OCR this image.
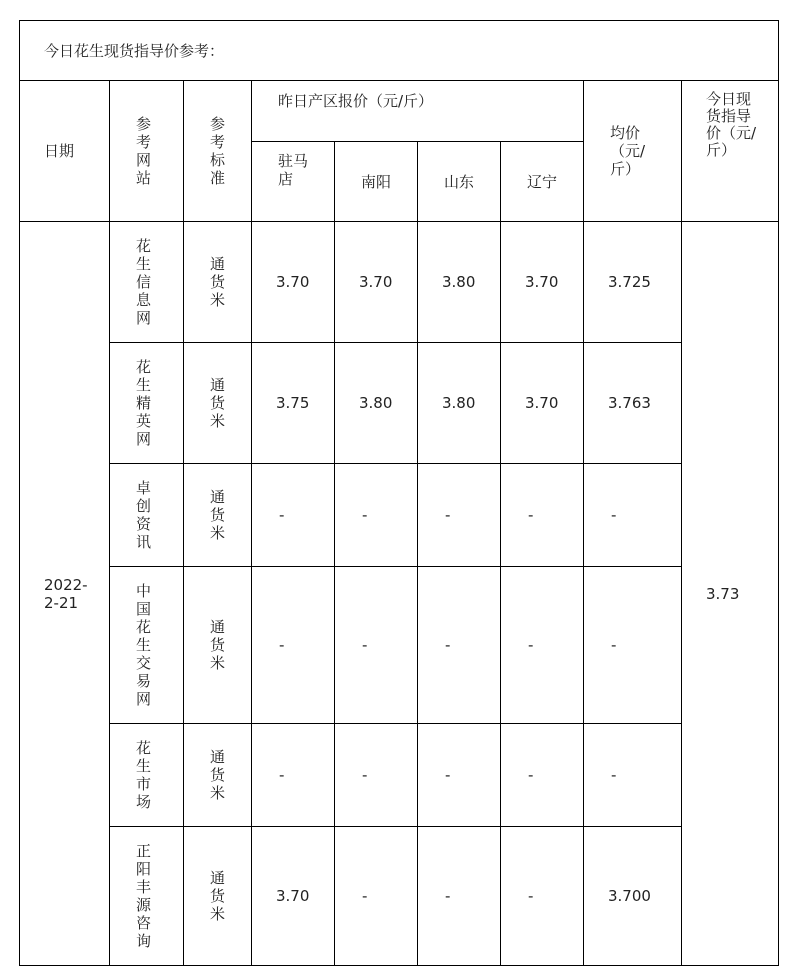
今日花生现货指导价参考：								
日期	参考网站	参考标准	昨日产区报价（元/斤）				均价（元/斤）	今日现货指导价（元/斤）

			驻马店	南阳	山东	辽宁		

2022-2-21	花生信息网	通货米	3.70	3.70	3.80	3.70	3.725	3.73

	花生精英网	通货米	3.75	3.80	3.80	3.70	3.763	

	卓创资讯	通货米	-	-	-	-	-	

	中国花生交易网	通货米	-	-	-	-	-	

	花生市场	通货米	-	-	-	-	-	

	正阳丰源咨询	通货米	3.70	-	-	-	3.700	
